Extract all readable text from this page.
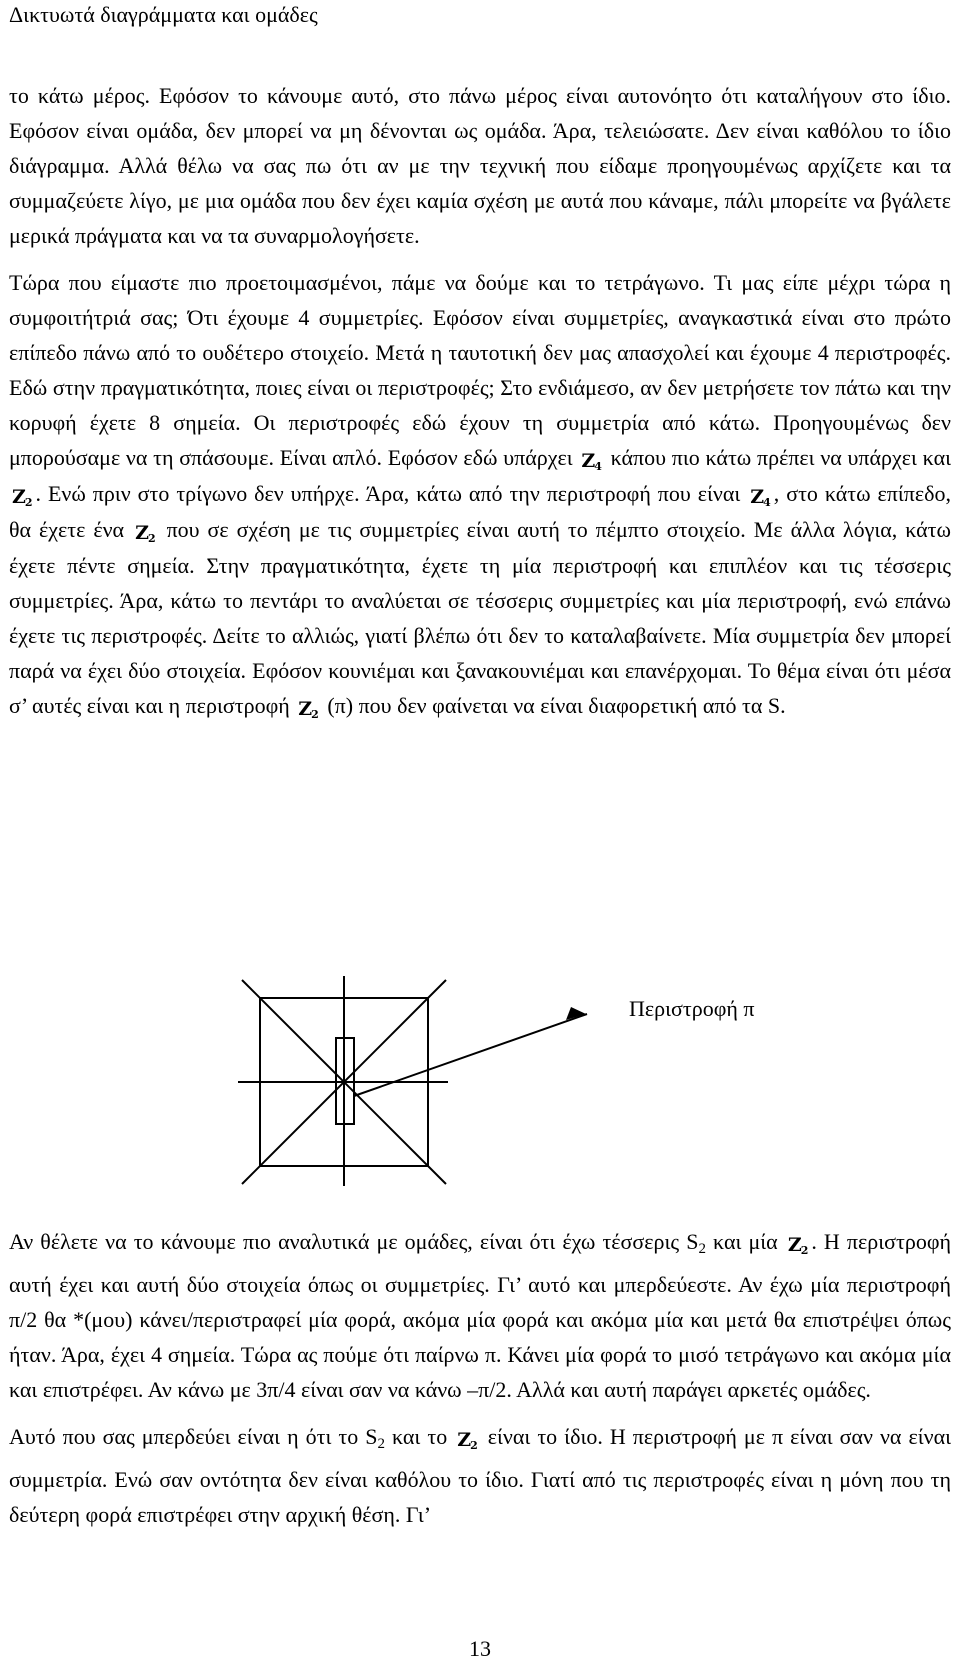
Δικτυωτά διαγράμματα και ομάδες

το κάτω μέρος. Εφόσον το κάνουμε αυτό, στο πάνω μέρος είναι αυτονόητο ότι καταλήγουν στο ίδιο. Εφόσον είναι ομάδα, δεν μπορεί να μη δένονται ως ομάδα. Άρα, τελειώσατε. Δεν είναι καθόλου το ίδιο διάγραμμα. Αλλά θέλω να σας πω ότι αν με την τεχνική που είδαμε προηγουμένως αρχίζετε και τα συμμαζεύετε λίγο, με μια ομάδα που δεν έχει καμία σχέση με αυτά που κάναμε, πάλι μπορείτε να βγάλετε μερικά πράγματα και να τα συναρμολογήσετε.

Τώρα που είμαστε πιο προετοιμασμένοι, πάμε να δούμε και το τετράγωνο. Τι μας είπε μέχρι τώρα η συμφοιτήτριά σας; Ότι έχουμε 4 συμμετρίες. Εφόσον είναι συμμετρίες, αναγκαστικά είναι στο πρώτο επίπεδο πάνω από το ουδέτερο στοιχείο. Μετά η ταυτοτική δεν μας απασχολεί και έχουμε 4 περιστροφές. Εδώ στην πραγματικότητα, ποιες είναι οι περιστροφές; Στο ενδιάμεσο, αν δεν μετρήσετε τον πάτω και την κορυφή έχετε 8 σημεία. Οι περιστροφές εδώ έχουν τη συμμετρία από κάτω. Προηγουμένως δεν μπορούσαμε να τη σπάσουμε. Είναι απλό. Εφόσον εδώ υπάρχει $Z_4$ κάπου πιο κάτω πρέπει να υπάρχει και $Z_2$ . Ενώ πριν στο τρίγωνο δεν υπήρχε. Άρα, κάτω από την περιστροφή που είναι $Z_4$ , στο κάτω επίπεδο, θα έχετε ένα $Z_2$ που σε σχέση με τις συμμετρίες είναι αυτή το πέμπτο στοιχείο. Με άλλα λόγια, κάτω έχετε πέντε σημεία. Στην πραγματικότητα, έχετε τη μία περιστροφή και επιπλέον και τις τέσσερις συμμετρίες. Άρα, κάτω το πεντάρι το αναλύεται σε τέσσερις συμμετρίες και μία περιστροφή, ενώ επάνω έχετε τις περιστροφές. Δείτε το αλλιώς, γιατί βλέπω ότι δεν το καταλαβαίνετε. Μία συμμετρία δεν μπορεί παρά να έχει δύο στοιχεία. Εφόσον κουνιέμαι και ξανακουνιέμαι και επανέρχομαι. Το θέμα είναι ότι μέσα σ’ αυτές είναι και η περιστροφή $Z_2$ (π) που δεν φαίνεται να είναι διαφορετική από τα S.

Περιστροφή π

Αν θέλετε να το κάνουμε πιο αναλυτικά με ομάδες, είναι ότι έχω τέσσερις $S_2$ και μία $Z_2$ . Η περιστροφή αυτή έχει και αυτή δύο στοιχεία όπως οι συμμετρίες. Γι’ αυτό και μπερδεύεστε. Αν έχω μία περιστροφή π/2 θα *(μου) κάνει/περιστραφεί μία φορά, ακόμα μία φορά και ακόμα μία και μετά θα επιστρέψει όπως ήταν. Άρα, έχει 4 σημεία. Τώρα ας πούμε ότι παίρνω π. Κάνει μία φορά το μισό τετράγωνο και ακόμα μία και επιστρέφει. Αν κάνω με 3π/4 είναι σαν να κάνω –π/2. Αλλά και αυτή παράγει αρκετές ομάδες.

Αυτό που σας μπερδεύει είναι η ότι το $S_2$ και το $Z_2$ είναι το ίδιο. Η περιστροφή με π είναι σαν να είναι συμμετρία. Ενώ σαν οντότητα δεν είναι καθόλου το ίδιο. Γιατί από τις περιστροφές είναι η μόνη που τη δεύτερη φορά επιστρέφει στην αρχική θέση. Γι’

13
